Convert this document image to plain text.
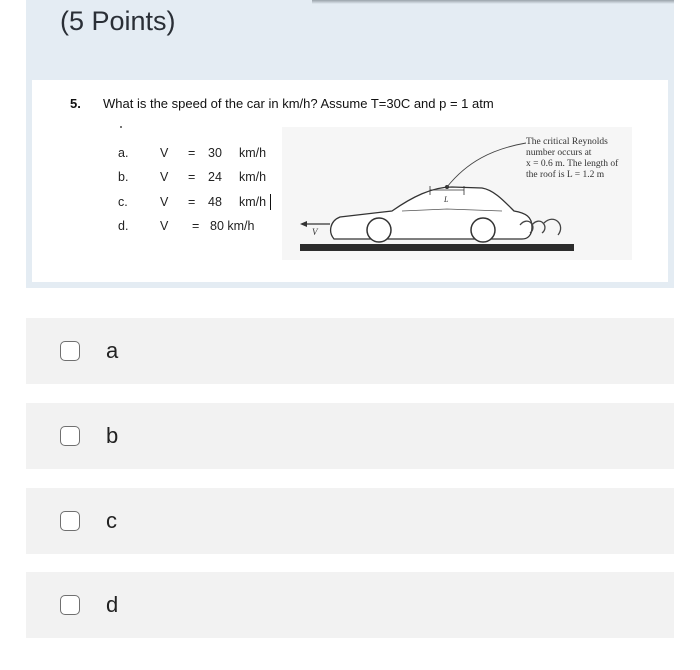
(5 Points)
5. What is the speed of the car in km/h? Assume T=30C and p = 1 atm
a.	V = 30 km/h
b.	V = 24 km/h
c.	V = 48 km/h
d.	V = 80 km/h	V
L
The critical Reynolds
number occurs at
x = 0.6 m. The length of
the roof is L = 1.2 m
a
b
c
d
